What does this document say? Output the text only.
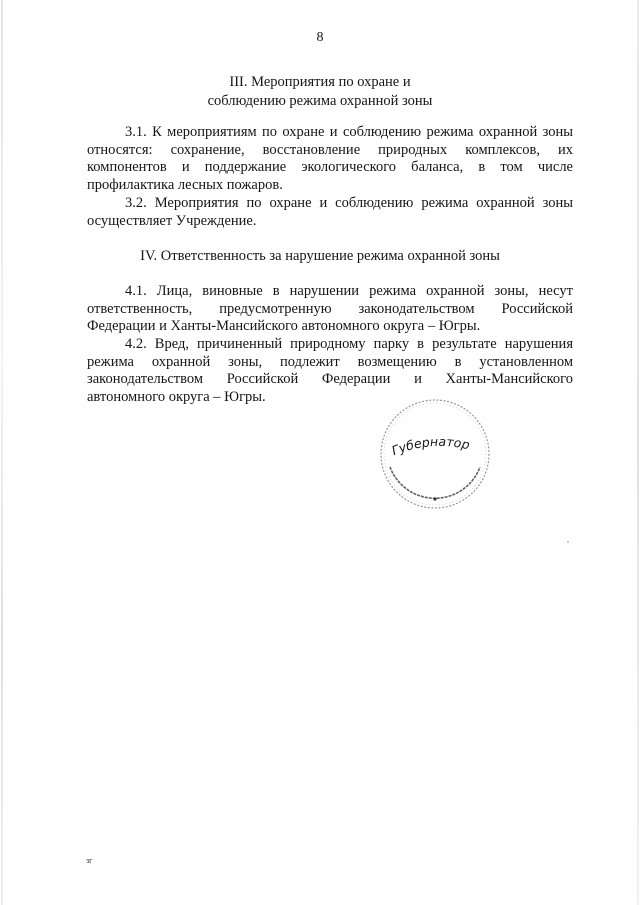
8
III. Мероприятия по охране и
соблюдению режима охранной зоны

3.1. К мероприятиям по охране и соблюдению режима охранной зоны относятся: сохранение, восстановление природных комплексов, их компонентов и поддержание экологического баланса, в том числе профилактика лесных пожаров.

3.2. Мероприятия по охране и соблюдению режима охранной зоны осуществляет Учреждение.

IV. Ответственность за нарушение режима охранной зоны

4.1. Лица, виновные в нарушении режима охранной зоны, несут ответственность, предусмотренную законодательством Российской Федерации и Ханты-Мансийского автономного округа – Югры.

4.2. Вред, причиненный природному парку в результате нарушения режима охранной зоны, подлежит возмещению в установленном законодательством Российской Федерации и Ханты-Мансийского автономного округа – Югры.

Губернатор
зг
